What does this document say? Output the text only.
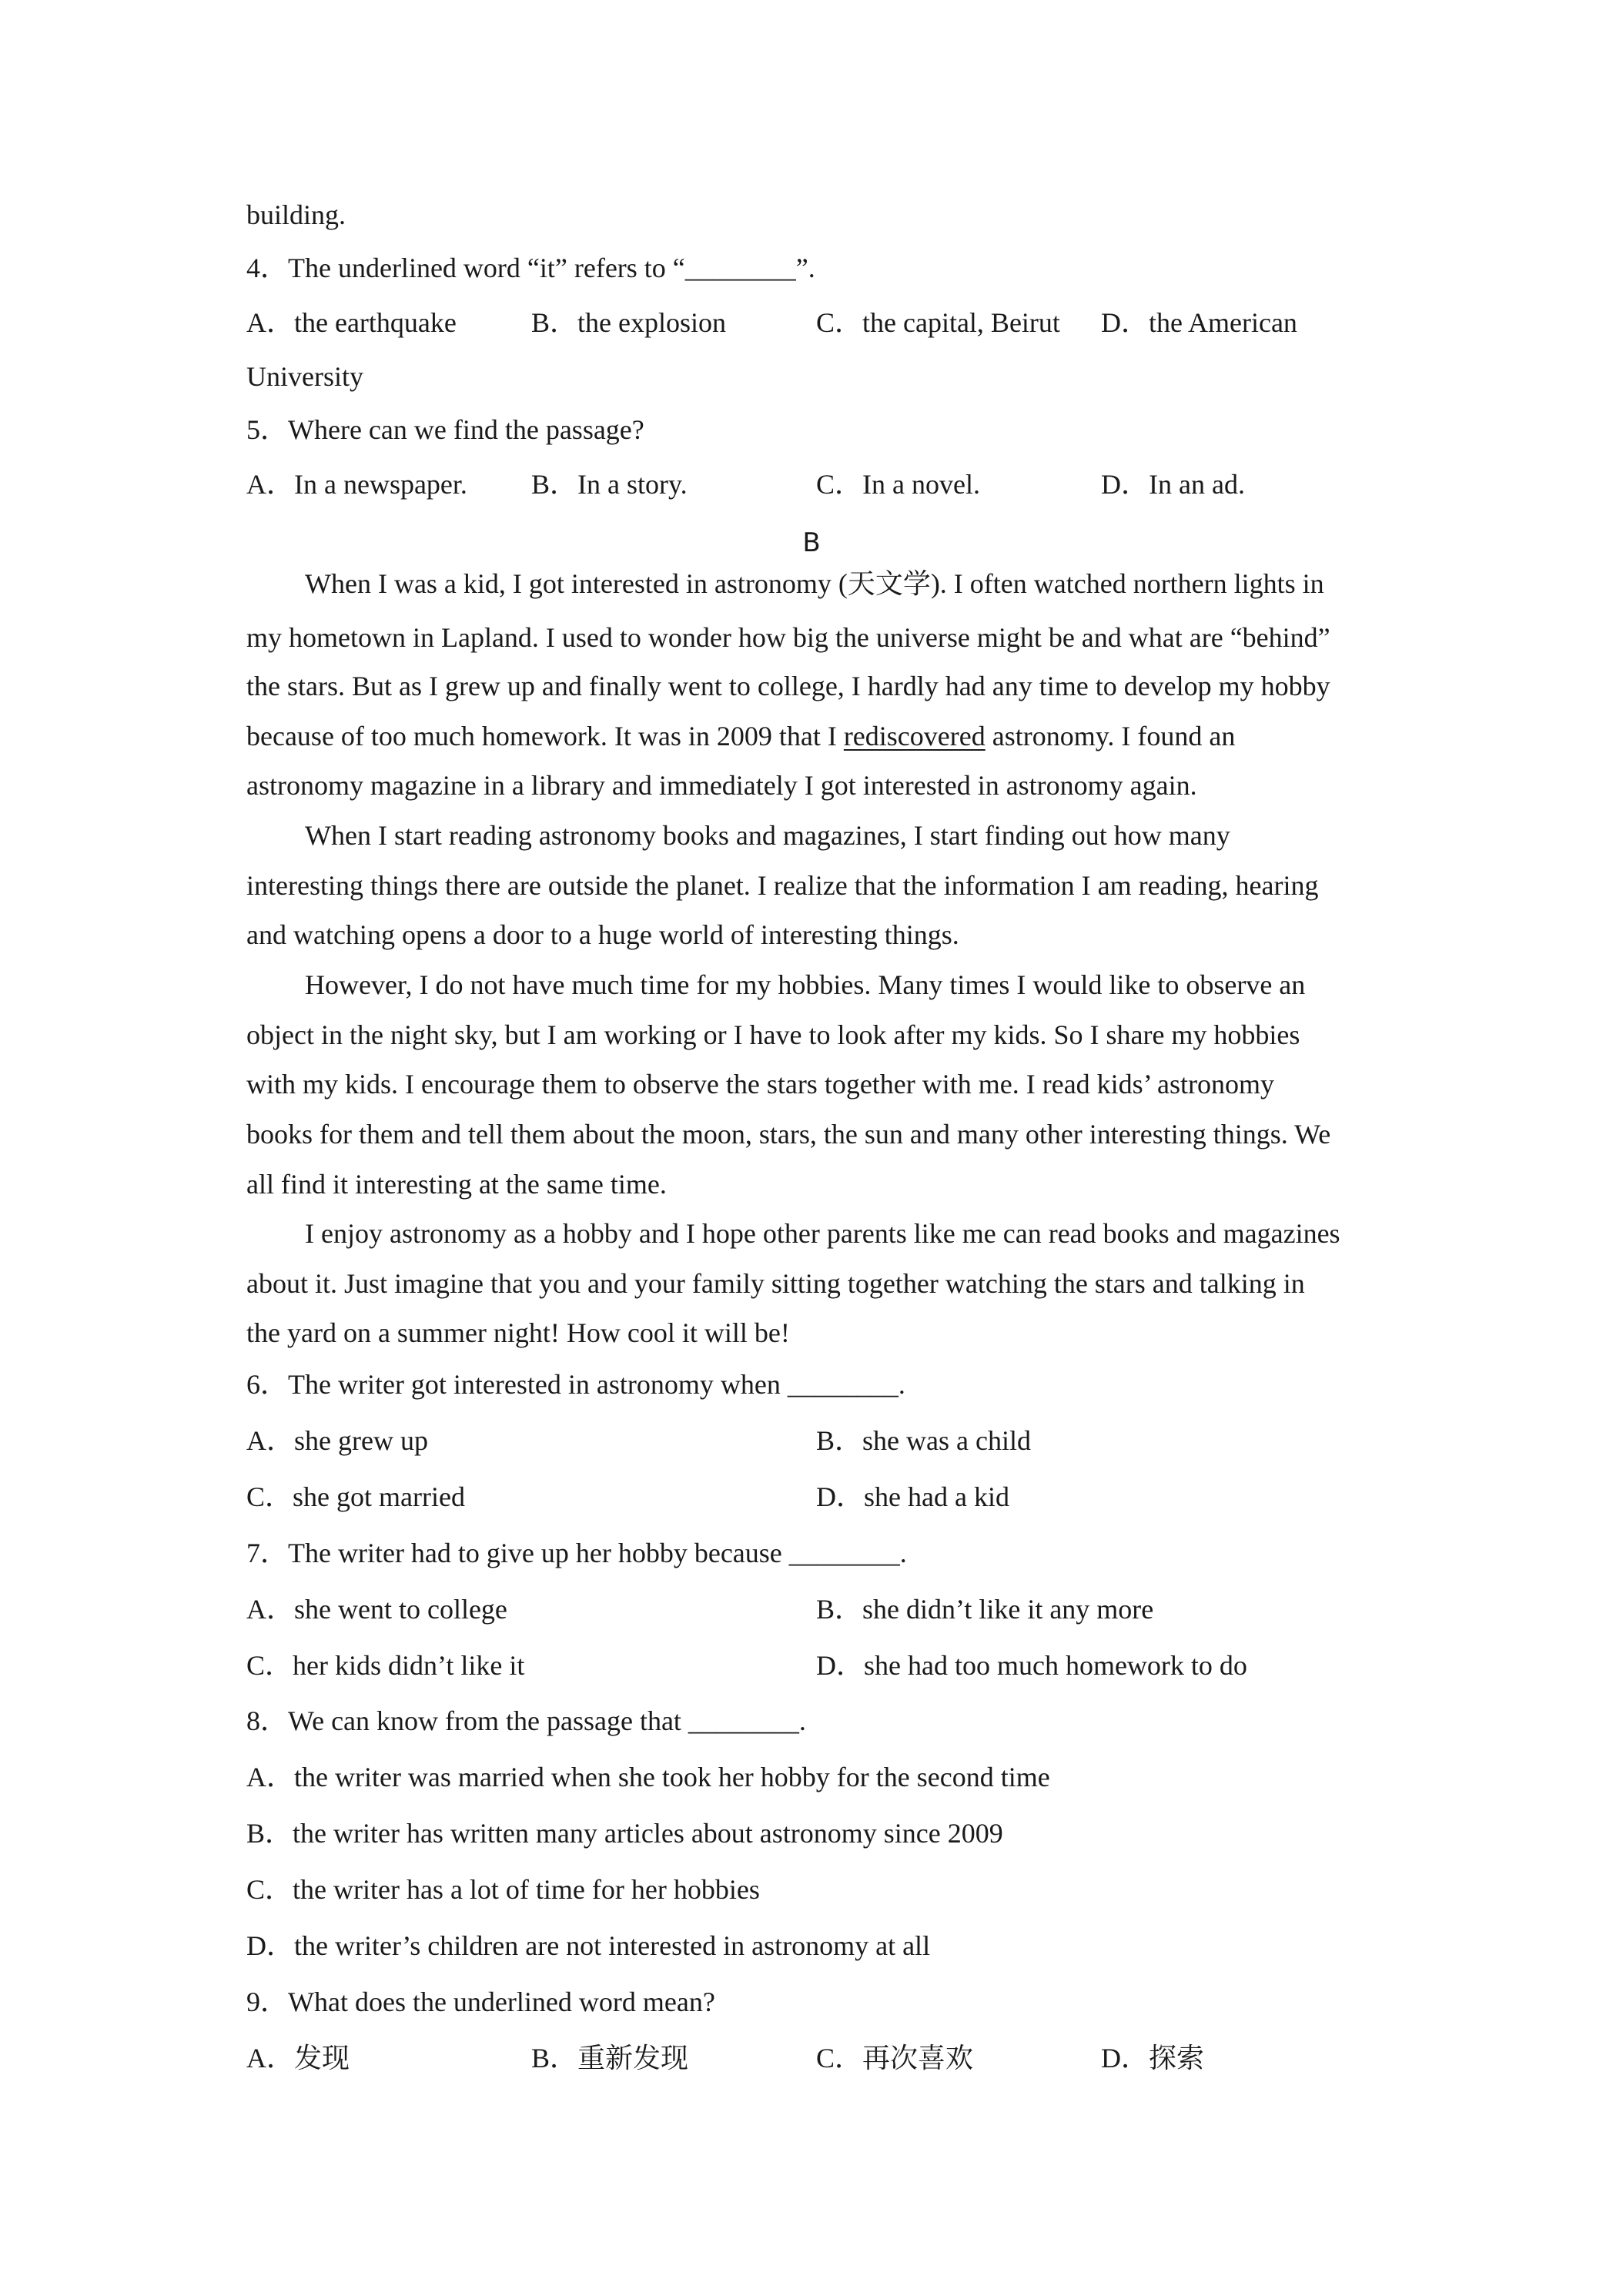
building.
4．The underlined word “it” refers to “________”.
A．the earthquake	B．the explosion	C．the capital, Beirut D．the American
University
5．Where can we find the passage?
A．In a newspaper. B．In a story.	C．In a novel.	D．In an ad.
B
When I was a kid, I got interested in astronomy (天文学). I often watched northern lights in
my hometown in Lapland. I used to wonder how big the universe might be and what are “behind”
the stars. But as I grew up and finally went to college, I hardly had any time to develop my hobby
because of too much homework. It was in 2009 that I rediscovered astronomy. I found an
astronomy magazine in a library and immediately I got interested in astronomy again.
When I start reading astronomy books and magazines, I start finding out how many
interesting things there are outside the planet. I realize that the information I am reading, hearing
and watching opens a door to a huge world of interesting things.
However, I do not have much time for my hobbies. Many times I would like to observe an
object in the night sky, but I am working or I have to look after my kids. So I share my hobbies
with my kids. I encourage them to observe the stars together with me. I read kids’ astronomy
books for them and tell them about the moon, stars, the sun and many other interesting things. We
all find it interesting at the same time.
I enjoy astronomy as a hobby and I hope other parents like me can read books and magazines
about it. Just imagine that you and your family sitting together watching the stars and talking in
the yard on a summer night! How cool it will be!
6．The writer got interested in astronomy when ________.
A．she grew up	B．she was a child
C．she got married	D．she had a kid
7．The writer had to give up her hobby because ________.
A．she went to college	B．she didn’t like it any more
C．her kids didn’t like it	D．she had too much homework to do
8．We can know from the passage that ________.
A．the writer was married when she took her hobby for the second time
B．the writer has written many articles about astronomy since 2009
C．the writer has a lot of time for her hobbies
D．the writer’s children are not interested in astronomy at all
9．What does the underlined word mean?
A．发现	B．重新发现	C．再次喜欢	D．探索
